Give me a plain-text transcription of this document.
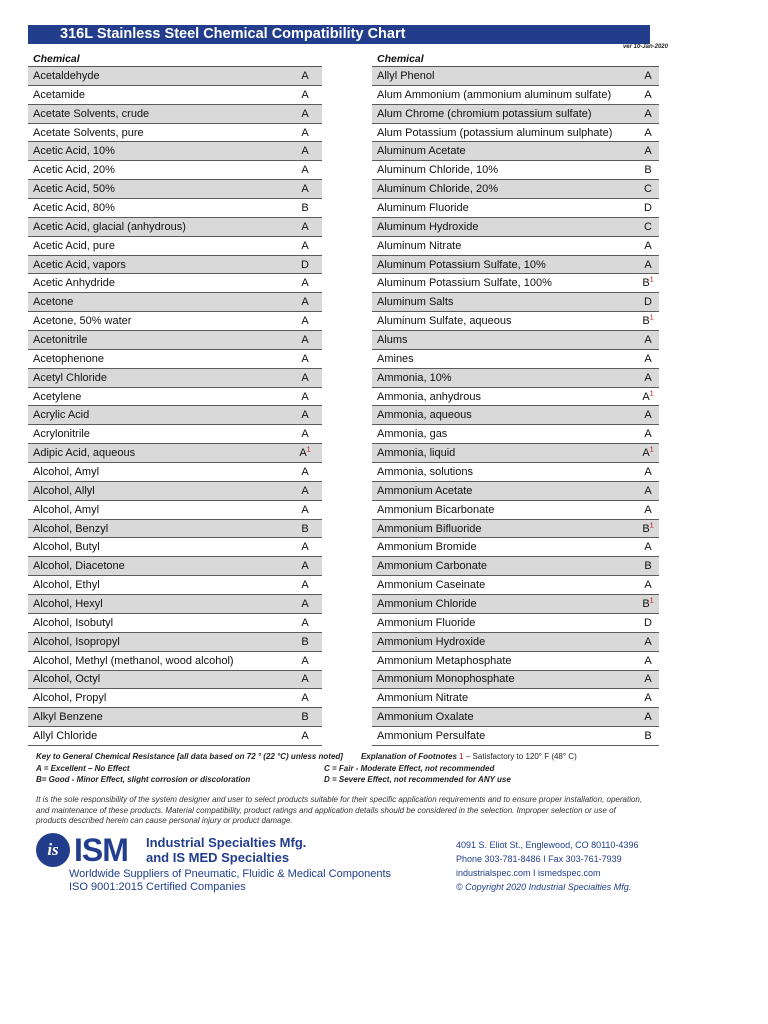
316L Stainless Steel Chemical Compatibility Chart
ver 10-Jan-2020
Chemical
Acetaldehyde	A
Acetamide	A
Acetate Solvents, crude	A
Acetate Solvents, pure	A
Acetic Acid, 10%	A
Acetic Acid, 20%	A
Acetic Acid, 50%	A
Acetic Acid, 80%	B
Acetic Acid, glacial (anhydrous)	A
Acetic Acid, pure	A
Acetic Acid, vapors	D
Acetic Anhydride	A
Acetone	A
Acetone, 50% water	A
Acetonitrile	A
Acetophenone	A
Acetyl Chloride	A
Acetylene	A
Acrylic Acid	A
Acrylonitrile	A
Adipic Acid, aqueous	$A^1$
Alcohol, Amyl	A
Alcohol, Allyl	A
Alcohol, Amyl	A
Alcohol, Benzyl	B
Alcohol, Butyl	A
Alcohol, Diacetone	A
Alcohol, Ethyl	A
Alcohol, Hexyl	A
Alcohol, Isobutyl	A
Alcohol, Isopropyl	B
Alcohol, Methyl (methanol, wood alcohol)	A
Alcohol, Octyl	A
Alcohol, Propyl	A
Alkyl Benzene	B
Allyl Chloride	A
Chemical
Allyl Phenol	A
Alum Ammonium (ammonium aluminum sulfate)	A
Alum Chrome (chromium potassium sulfate)	A
Alum Potassium (potassium aluminum sulphate)	A
Aluminum Acetate	A
Aluminum Chloride, 10%	B
Aluminum Chloride, 20%	C
Aluminum Fluoride	D
Aluminum Hydroxide	C
Aluminum Nitrate	A
Aluminum Potassium Sulfate, 10%	A
Aluminum Potassium Sulfate, 100%	$B^1$
Aluminum Salts	D
Aluminum Sulfate, aqueous	$B^1$
Alums	A
Amines	A
Ammonia, 10%	A
Ammonia, anhydrous	$A^1$
Ammonia, aqueous	A
Ammonia, gas	A
Ammonia, liquid	$A^1$
Ammonia, solutions	A
Ammonium Acetate	A
Ammonium Bicarbonate	A
Ammonium Bifluoride	$B^1$
Ammonium Bromide	A
Ammonium Carbonate	B
Ammonium Caseinate	A
Ammonium Chloride	$B^1$
Ammonium Fluoride	D
Ammonium Hydroxide	A
Ammonium Metaphosphate	A
Ammonium Monophosphate	A
Ammonium Nitrate	A
Ammonium Oxalate	A
Ammonium Persulfate	B
Key to General Chemical Resistance [all data based on 72 ° (22 °C) unless noted] Explanation of Footnotes
1
– Satisfactory to 120° F (48° C)
A = Excellent – No Effect	C = Fair - Moderate Effect, not recommended
B= Good - Minor Effect, slight corrosion or discoloration	D = Severe Effect, not recommended for ANY use
It is the sole responsibility of the system designer and user to select products suitable for their specific application requirements and to ensure proper installation, operation, and maintenance of these products. Material compatibility, product ratings and application details should be considered in the selection. Improper selection or use of products described herein can cause personal injury or product damage.
is ISM Industrial Specialties Mfg.
and IS MED Specialties
Worldwide Suppliers of Pneumatic, Fluidic & Medical Components
ISO 9001:2015 Certified Companies
4091 S. Eliot St., Englewood, CO 80110-4396
Phone 303-781-8486 I Fax 303-761-7939
industrialspec.com I ismedspec.com
© Copyright 2020 Industrial Specialties Mfg.
